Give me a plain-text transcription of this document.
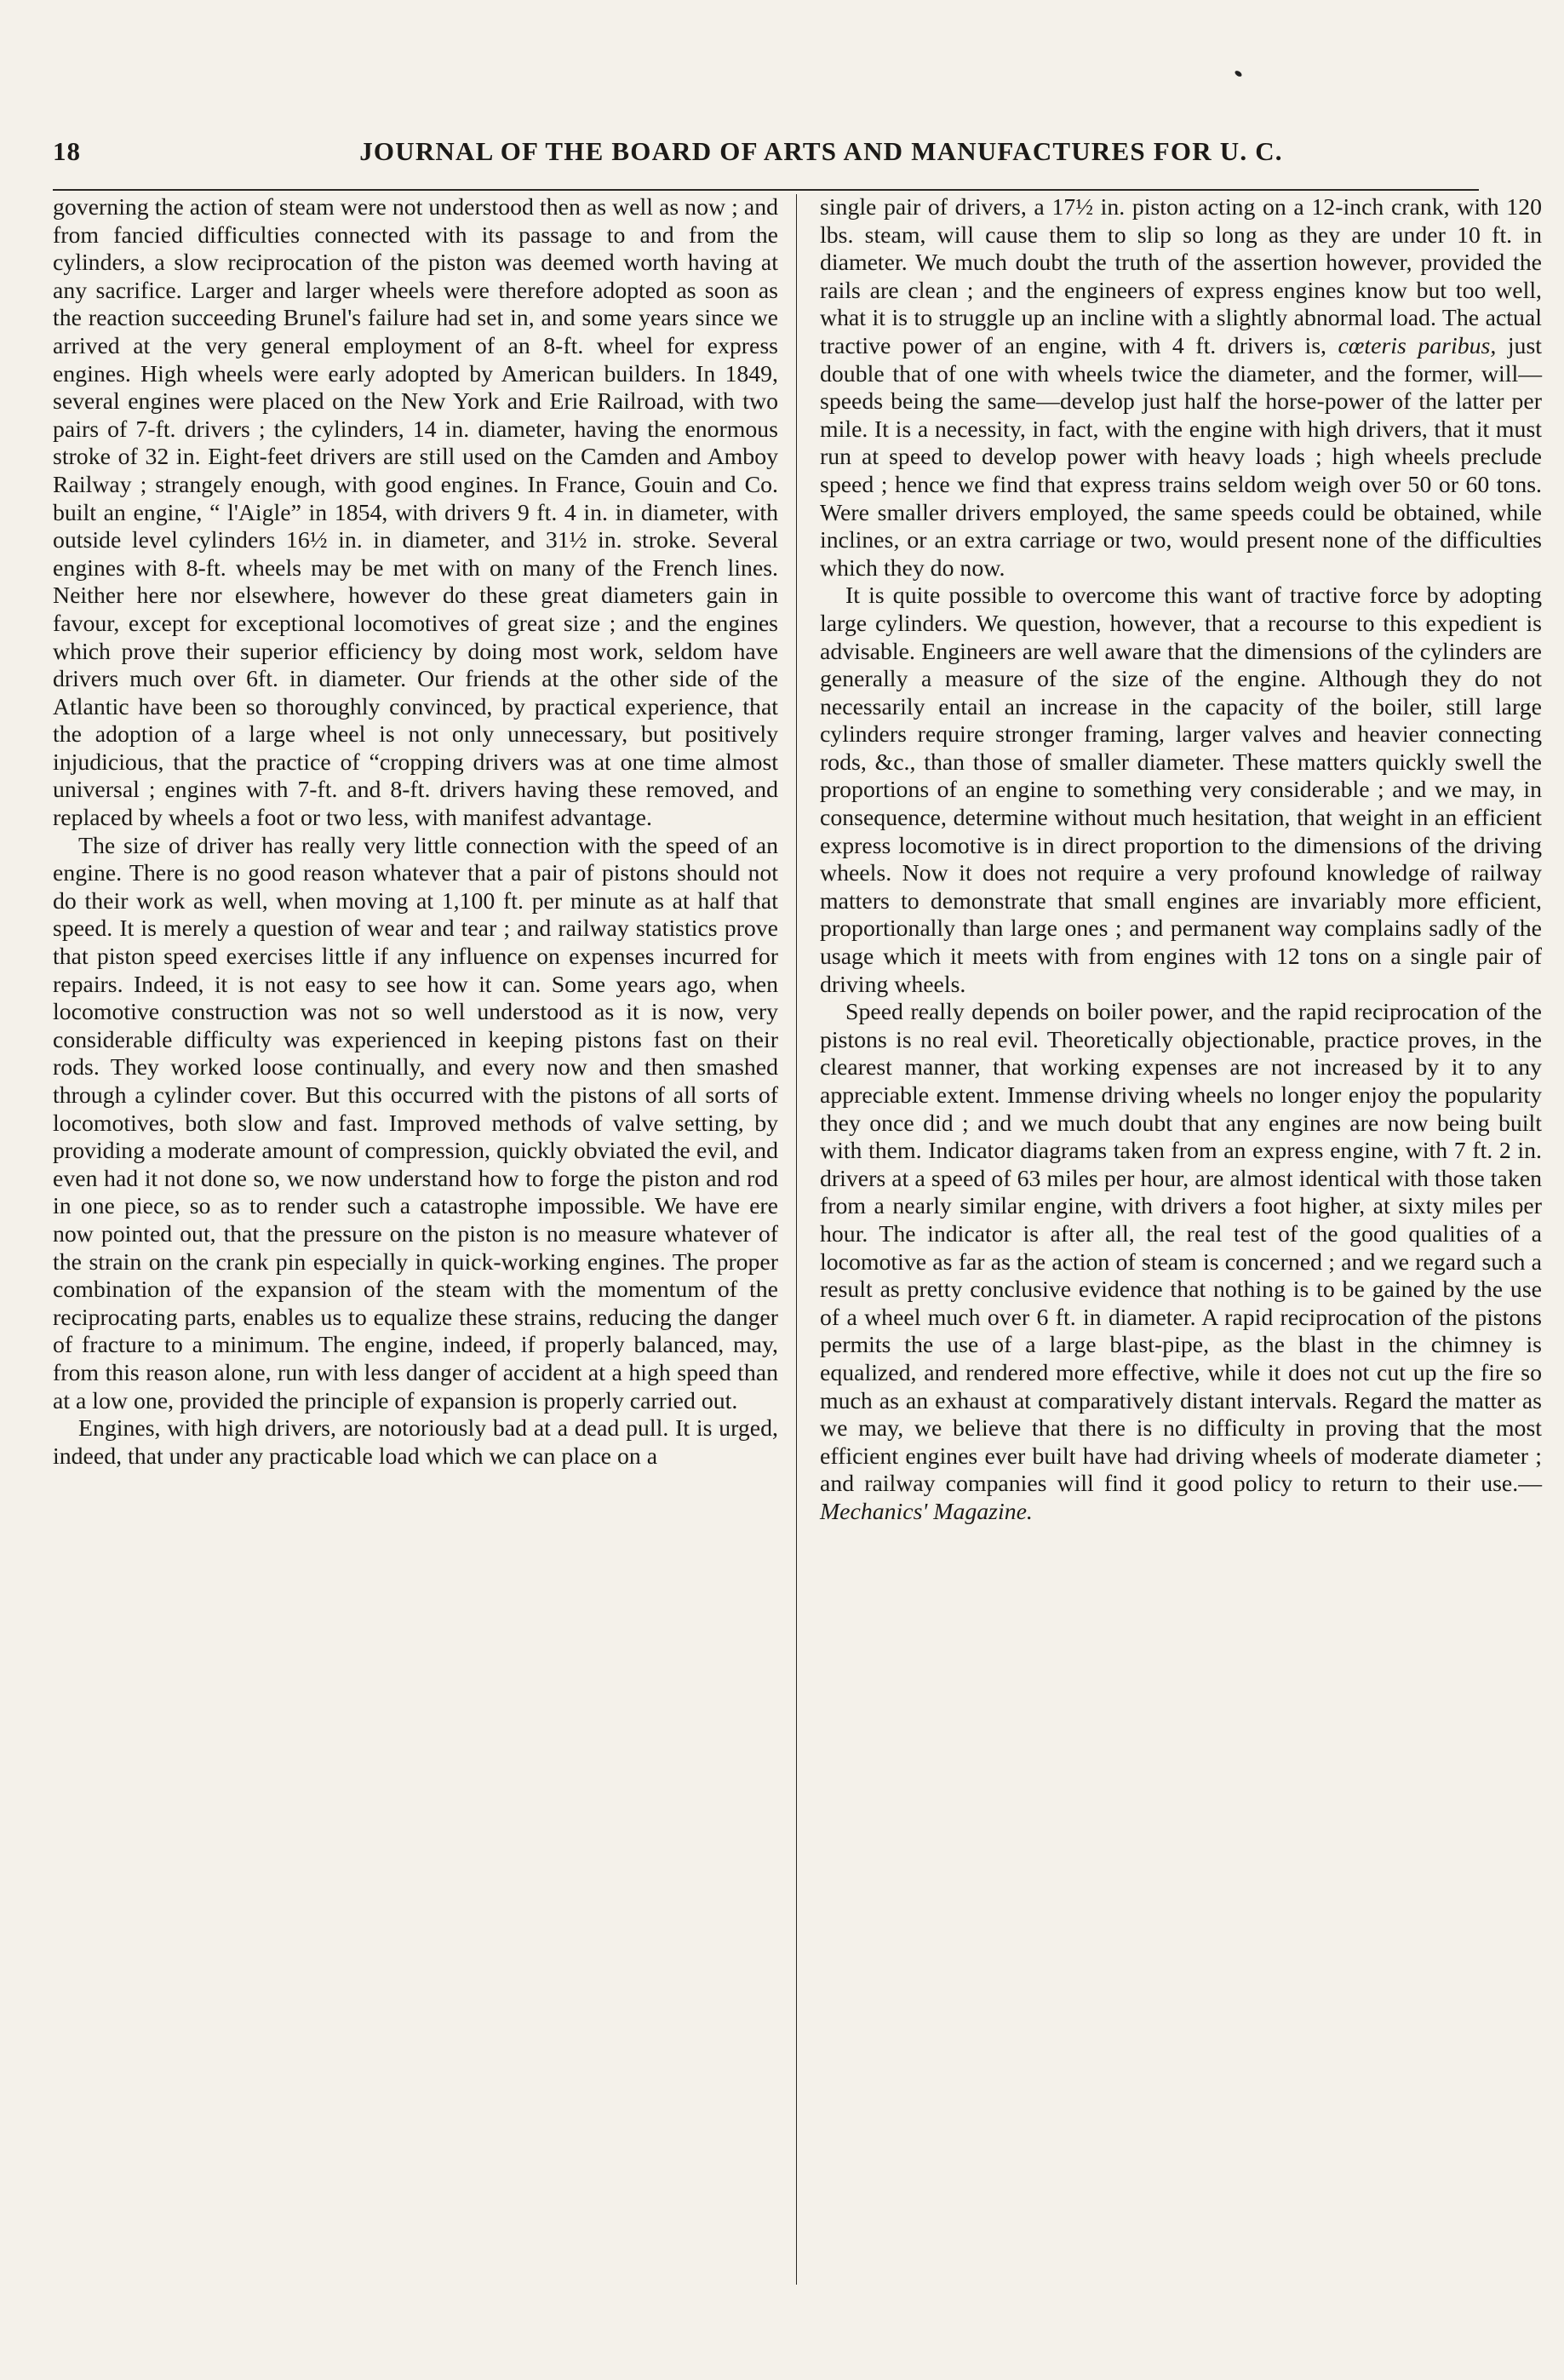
18	JOURNAL OF THE BOARD OF ARTS AND MANUFACTURES FOR U. C.

governing the action of steam were not understood then as well as now ; and from fancied difficulties connected with its passage to and from the cylinders, a slow reciprocation of the piston was deemed worth having at any sacrifice. Larger and larger wheels were therefore adopted as soon as the reaction succeeding Brunel's failure had set in, and some years since we arrived at the very general employment of an 8-ft. wheel for express engines. High wheels were early adopted by American builders. In 1849, several engines were placed on the New York and Erie Railroad, with two pairs of 7-ft. drivers ; the cylinders, 14 in. diameter, having the enormous stroke of 32 in. Eight-feet drivers are still used on the Camden and Amboy Railway ; strangely enough, with good engines. In France, Gouin and Co. built an engine, “ l'Aigle” in 1854, with drivers 9 ft. 4 in. in diameter, with outside level cylinders 16½ in. in diameter, and 31½ in. stroke. Several engines with 8-ft. wheels may be met with on many of the French lines. Neither here nor elsewhere, however do these great diameters gain in favour, except for exceptional locomotives of great size ; and the engines which prove their superior efficiency by doing most work, seldom have drivers much over 6ft. in diameter. Our friends at the other side of the Atlantic have been so thoroughly convinced, by practical experience, that the adoption of a large wheel is not only unnecessary, but positively injudicious, that the practice of “cropping drivers was at one time almost universal ; engines with 7-ft. and 8-ft. drivers having these removed, and replaced by wheels a foot or two less, with manifest advantage.

The size of driver has really very little connection with the speed of an engine. There is no good reason whatever that a pair of pistons should not do their work as well, when moving at 1,100 ft. per minute as at half that speed. It is merely a question of wear and tear ; and railway statistics prove that piston speed exercises little if any influence on expenses incurred for repairs. Indeed, it is not easy to see how it can. Some years ago, when locomotive construction was not so well understood as it is now, very considerable difficulty was experienced in keeping pistons fast on their rods. They worked loose continually, and every now and then smashed through a cylinder cover. But this occurred with the pistons of all sorts of locomotives, both slow and fast. Improved methods of valve setting, by providing a moderate amount of compression, quickly obviated the evil, and even had it not done so, we now understand how to forge the piston and rod in one piece, so as to render such a catastrophe impossible. We have ere now pointed out, that the pressure on the piston is no measure whatever of the strain on the crank pin especially in quick-working engines. The proper combination of the expansion of the steam with the momentum of the reciprocating parts, enables us to equalize these strains, reducing the danger of fracture to a minimum. The engine, indeed, if properly balanced, may, from this reason alone, run with less danger of accident at a high speed than at a low one, provided the principle of expansion is properly carried out.

Engines, with high drivers, are notoriously bad at a dead pull. It is urged, indeed, that under any practicable load which we can place on a

single pair of drivers, a 17½ in. piston acting on a 12-inch crank, with 120 lbs. steam, will cause them to slip so long as they are under 10 ft. in diameter. We much doubt the truth of the assertion however, provided the rails are clean ; and the engineers of express engines know but too well, what it is to struggle up an incline with a slightly abnormal load. The actual tractive power of an engine, with 4 ft. drivers is, cœteris paribus, just double that of one with wheels twice the diameter, and the former, will—speeds being the same—develop just half the horse-power of the latter per mile. It is a necessity, in fact, with the engine with high drivers, that it must run at speed to develop power with heavy loads ; high wheels preclude speed ; hence we find that express trains seldom weigh over 50 or 60 tons. Were smaller drivers employed, the same speeds could be obtained, while inclines, or an extra carriage or two, would present none of the difficulties which they do now.

It is quite possible to overcome this want of tractive force by adopting large cylinders. We question, however, that a recourse to this expedient is advisable. Engineers are well aware that the dimensions of the cylinders are generally a measure of the size of the engine. Although they do not necessarily entail an increase in the capacity of the boiler, still large cylinders require stronger framing, larger valves and heavier connecting rods, &c., than those of smaller diameter. These matters quickly swell the proportions of an engine to something very considerable ; and we may, in consequence, determine without much hesitation, that weight in an efficient express locomotive is in direct proportion to the dimensions of the driving wheels. Now it does not require a very profound knowledge of railway matters to demonstrate that small engines are invariably more efficient, proportionally than large ones ; and permanent way complains sadly of the usage which it meets with from engines with 12 tons on a single pair of driving wheels.

Speed really depends on boiler power, and the rapid reciprocation of the pistons is no real evil. Theoretically objectionable, practice proves, in the clearest manner, that working expenses are not increased by it to any appreciable extent. Immense driving wheels no longer enjoy the popularity they once did ; and we much doubt that any engines are now being built with them. Indicator diagrams taken from an express engine, with 7 ft. 2 in. drivers at a speed of 63 miles per hour, are almost identical with those taken from a nearly similar engine, with drivers a foot higher, at sixty miles per hour. The indicator is after all, the real test of the good qualities of a locomotive as far as the action of steam is concerned ; and we regard such a result as pretty conclusive evidence that nothing is to be gained by the use of a wheel much over 6 ft. in diameter. A rapid reciprocation of the pistons permits the use of a large blast-pipe, as the blast in the chimney is equalized, and rendered more effective, while it does not cut up the fire so much as an exhaust at comparatively distant intervals. Regard the matter as we may, we believe that there is no difficulty in proving that the most efficient engines ever built have had driving wheels of moderate diameter ; and railway companies will find it good policy to return to their use.—Mechanics' Magazine.
